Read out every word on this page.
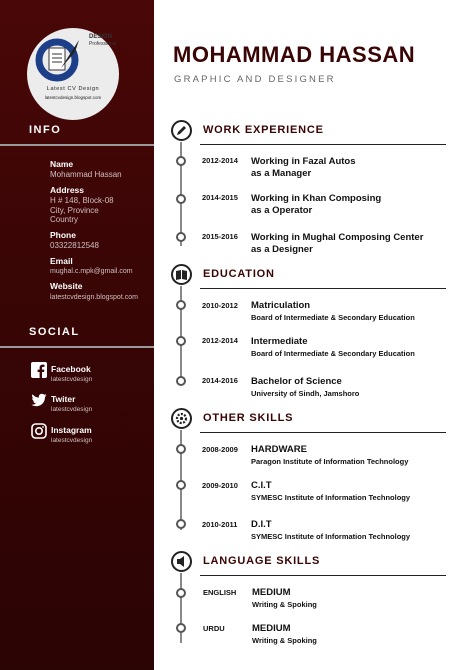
DESIGN
Professional
Latest CV Design
latestcvdesign.blogspot.com
INFO
Name
Mohammad Hassan
Address
H # 148, Block-08
City, Province
Country
Phone
03322812548
Email
mughal.c.mpk@gmail.com
Website
latestcvdesign.blogspot.com
SOCIAL
Facebook
latestcvdesign
Twiter
latestcvdesign
Instagram
latestcvdesign
MOHAMMAD HASSAN
GRAPHIC AND DESIGNER
WORK EXPERIENCE
2012-2014 Working in Fazal Autos
as a Manager
2014-2015 Working in Khan Composing
as a Operator
2015-2016 Working in Mughal Composing Center
as a Designer
EDUCATION
2010-2012 Matriculation
Board of Intermediate & Secondary Education
2012-2014 Intermediate
Board of Intermediate & Secondary Education
2014-2016 Bachelor of Science
University of Sindh, Jamshoro
OTHER SKILLS
2008-2009 HARDWARE
Paragon Institute of Information Technology
2009-2010 C.I.T
SYMESC Institute of Information Technology
2010-2011 D.I.T
SYMESC Institute of Information Technology
LANGUAGE SKILLS
ENGLISH MEDIUM
Writing & Spoking
URDU	MEDIUM
Writing & Spoking
